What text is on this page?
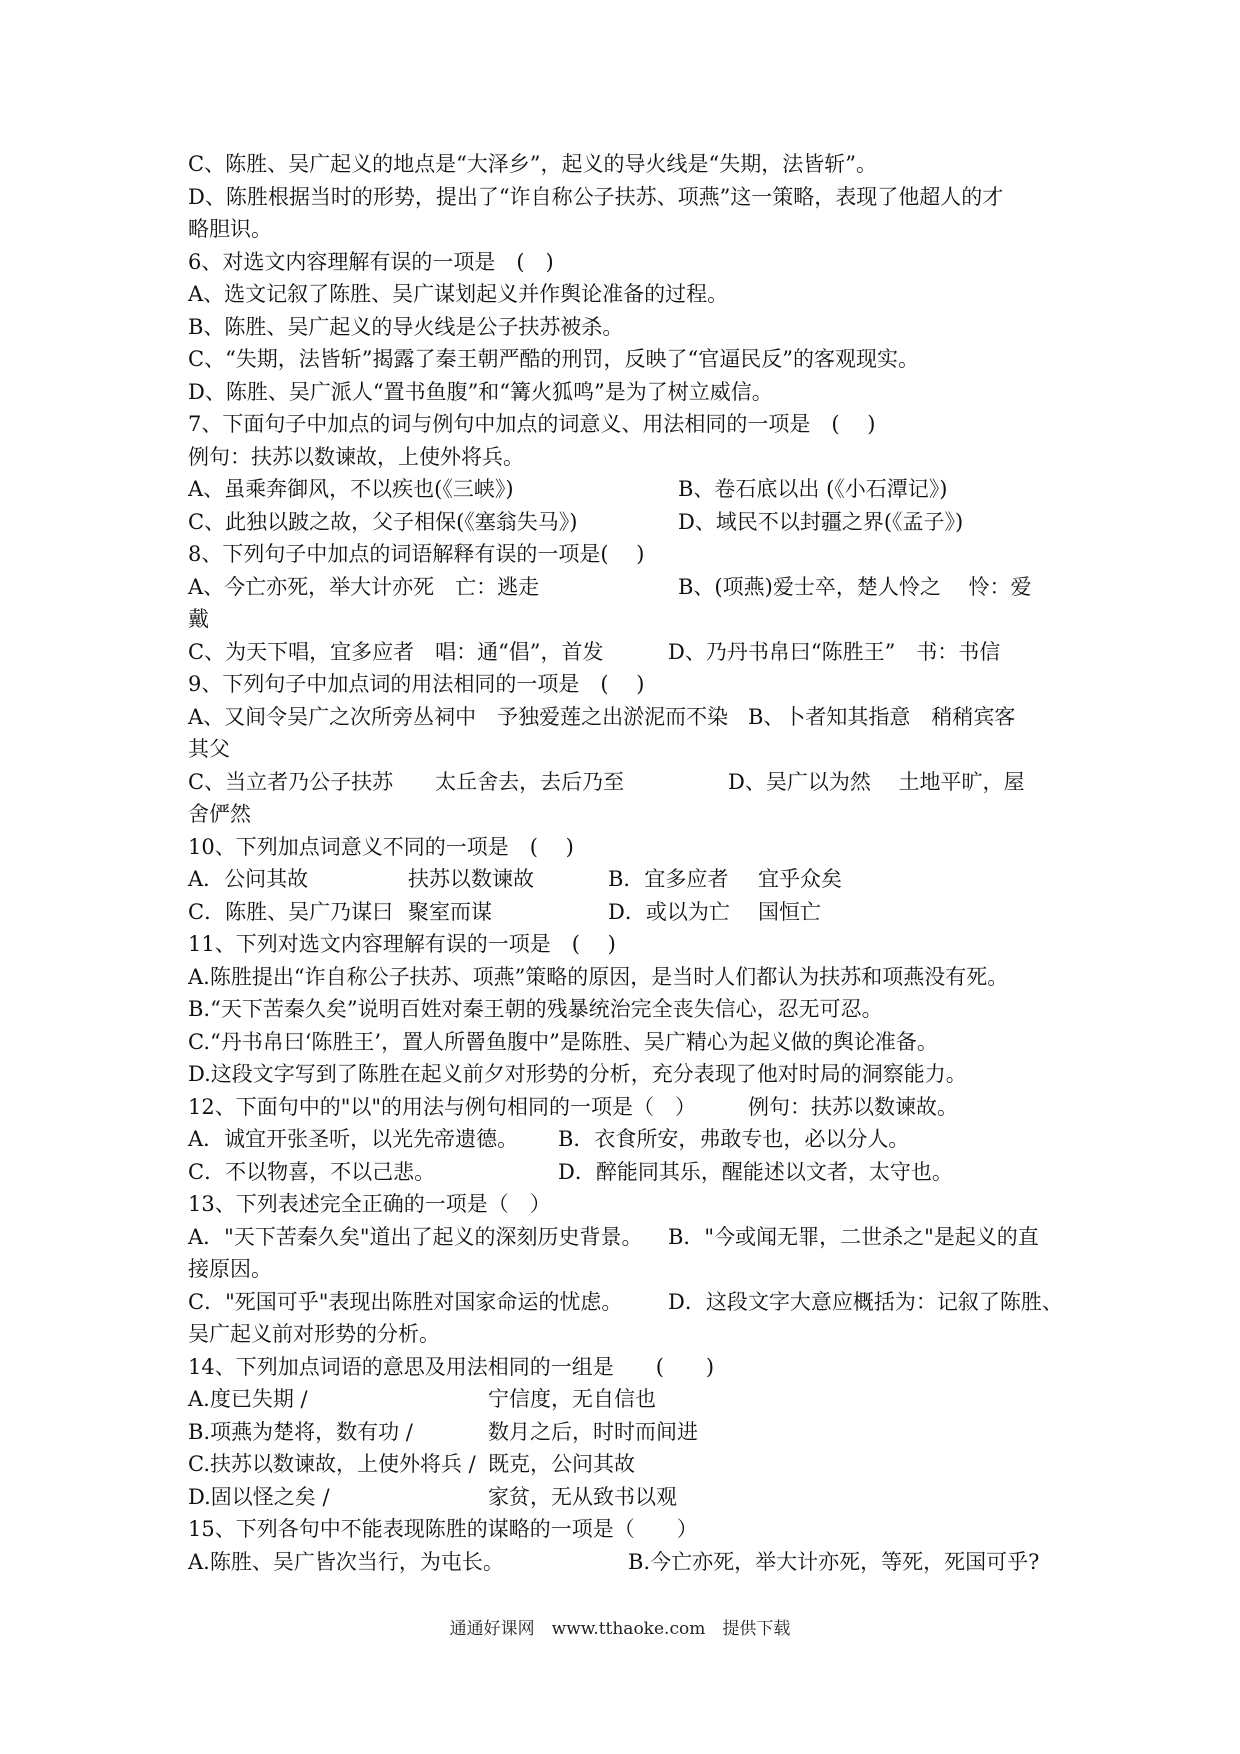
C、陈胜、吴广起义的地点是“大泽乡”，起义的导火线是“失期，法皆斩”。
D、陈胜根据当时的形势，提出了“诈自称公子扶苏、项燕”这一策略，表现了他超人的才
略胆识。
6、对选文内容理解有误的一项是　(　)
A、选文记叙了陈胜、吴广谋划起义并作舆论准备的过程。
B、陈胜、吴广起义的导火线是公子扶苏被杀。
C、“失期，法皆斩”揭露了秦王朝严酷的刑罚，反映了“官逼民反”的客观现实。
D、陈胜、吴广派人“置书鱼腹”和“篝火狐鸣”是为了树立威信。
7、下面句子中加点的词与例句中加点的词意义、用法相同的一项是　(　 )
例句：扶苏以数谏故，上使外将兵。
A、虽乘奔御风，不以疾也(《三峡》)	B、卷石底以出 (《小石潭记》)
C、此独以跛之故，父子相保(《塞翁失马》)	D、域民不以封疆之界(《孟子》)
8、下列句子中加点的词语解释有误的一项是(　 )
A、今亡亦死，举大计亦死　亡：逃走	B、(项燕)爱士卒，楚人怜之　 怜：爱
戴
C、为天下唱，宜多应者　唱：通“倡”，首发	D、乃丹书帛曰“陈胜王”　书：书信
9、下列句子中加点词的用法相同的一项是　(　 )
A、又间令吴广之次所旁丛祠中　予独爱莲之出淤泥而不染 B、卜者知其指意　稍稍宾客
其父
C、当立者乃公子扶苏　　太丘舍去，去后乃至	D、吴广以为然　 土地平旷，屋
舍俨然
10、下列加点词意义不同的一项是　(　 )
A．公问其故	扶苏以数谏故	B．宜多应者	宜乎众矣
C．陈胜、吴广乃谋曰 聚室而谋	D．或以为亡	国恒亡
11、下列对选文内容理解有误的一项是　(　 )
A.陈胜提出“诈自称公子扶苏、项燕”策略的原因，是当时人们都认为扶苏和项燕没有死。
B.“天下苦秦久矣”说明百姓对秦王朝的残暴统治完全丧失信心，忍无可忍。
C.“丹书帛曰‘陈胜王’，置人所罾鱼腹中”是陈胜、吴广精心为起义做的舆论准备。
D.这段文字写到了陈胜在起义前夕对形势的分析，充分表现了他对时局的洞察能力。
12、下面句中的"以"的用法与例句相同的一项是（　）	例句：扶苏以数谏故。
A．诚宜开张圣听，以光先帝遗德。	B．衣食所安，弗敢专也，必以分人。
C．不以物喜，不以己悲。	D．醉能同其乐，醒能述以文者，太守也。
13、下列表述完全正确的一项是（　）
A．"天下苦秦久矣"道出了起义的深刻历史背景。	B．"今或闻无罪，二世杀之"是起义的直
接原因。
C．"死国可乎"表现出陈胜对国家命运的忧虑。	D．这段文字大意应概括为：记叙了陈胜、
吴广起义前对形势的分析。
14、下列加点词语的意思及用法相同的一组是　　(　　)
A.度已失期 /	宁信度，无自信也
B.项燕为楚将，数有功 /	数月之后，时时而间进
C.扶苏以数谏故，上使外将兵 / 既克，公问其故
D.固以怪之矣 /	家贫，无从致书以观
15、下列各句中不能表现陈胜的谋略的一项是（　　）
A.陈胜、吴广皆次当行，为屯长。	B.今亡亦死，举大计亦死，等死，死国可乎?
通通好课网　www.tthaoke.com　提供下载
